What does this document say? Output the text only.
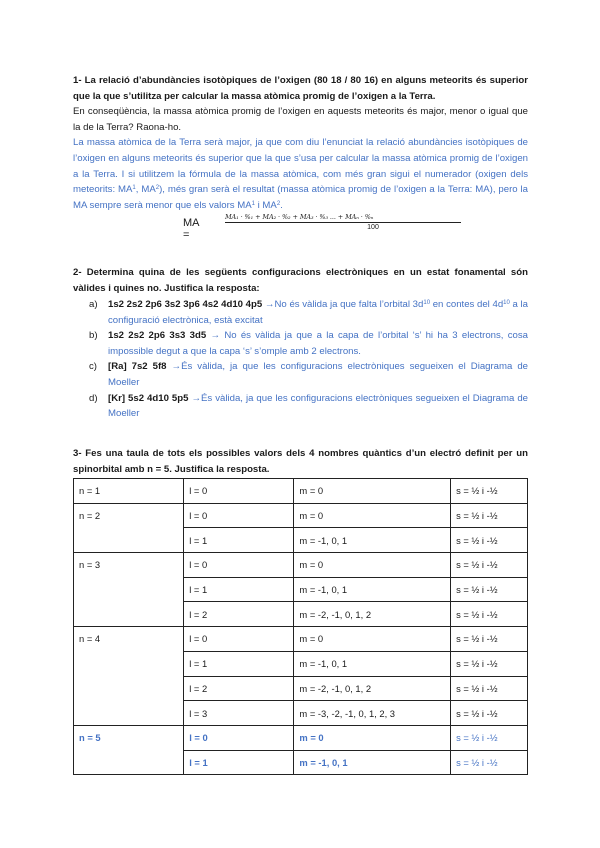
1- La relació d’abundàncies isotòpiques de l’oxigen (80 18 / 80 16) en alguns meteorits és superior que la que s’utilitza per calcular la massa atòmica promig de l’oxigen a la Terra.
En conseqüència, la massa atòmica promig de l’oxigen en aquests meteorits és major, menor o igual que la de la Terra? Raona-ho.
La massa atòmica de la Terra serà major, ja que com diu l’enunciat la relació abundàncies isotòpiques de l’oxigen en alguns meteorits és superior que la que s’usa per calcular la massa atòmica promig de l’oxigen a la Terra. I si utilitzem la fórmula de la massa atòmica, com més gran sigui el numerador (oxigen dels meteorits: $MA^1$, $MA^2$), més gran serà el resultat (massa atòmica promig de l’oxigen a la Terra: MA), pero la MA sempre serà menor que els valors $MA^1$ i $MA^2$.
MA =
MA₁ · %₁ + MA₂ · %₂ + MA₃ · %₃ ... + MAₙ · %ₙ
100
2- Determina quina de les següents configuracions electròniques en un estat fonamental són vàlides i quines no. Justifica la resposta:
a) 1s2 2s2 2p6 3s2 3p6 4s2 4d10 4p5 →No és vàlida ja que falta l’orbital $3d^{10}$ en contes del $4d^{10}$ a la configuració electrònica, està excitat
b) 1s2 2s2 2p6 3s3 3d5 → No és vàlida ja que a la capa de l’orbital ‘s’ hi ha 3 electrons, cosa impossible degut a que la capa ‘s’ s’omple amb 2 electrons.
c) [Ra] 7s2 5f8 →És vàlida, ja que les configuracions electròniques segueixen el Diagrama de Moeller
d) [Kr] 5s2 4d10 5p5 →És vàlida, ja que les configuracions electròniques segueixen el Diagrama de Moeller
3- Fes una taula de tots els possibles valors dels 4 nombres quàntics d’un electró definit per un spinorbital amb n = 5. Justifica la resposta.
n = 1	l = 0	m = 0	s = ½ i -½
n = 2	l = 0	m = 0	s = ½ i -½
	l = 1	m = -1, 0, 1	s = ½ i -½
n = 3	l = 0	m = 0	s = ½ i -½
	l = 1	m = -1, 0, 1	s = ½ i -½
	l = 2	m = -2, -1, 0, 1, 2	s = ½ i -½
n = 4	l = 0	m = 0	s = ½ i -½
	l = 1	m = -1, 0, 1	s = ½ i -½
	l = 2	m = -2, -1, 0, 1, 2	s = ½ i -½
	l = 3	m = -3, -2, -1, 0, 1, 2, 3	s = ½ i -½
n = 5	l = 0	m = 0	s = ½ i -½
	l = 1	m = -1, 0, 1	s = ½ i -½
